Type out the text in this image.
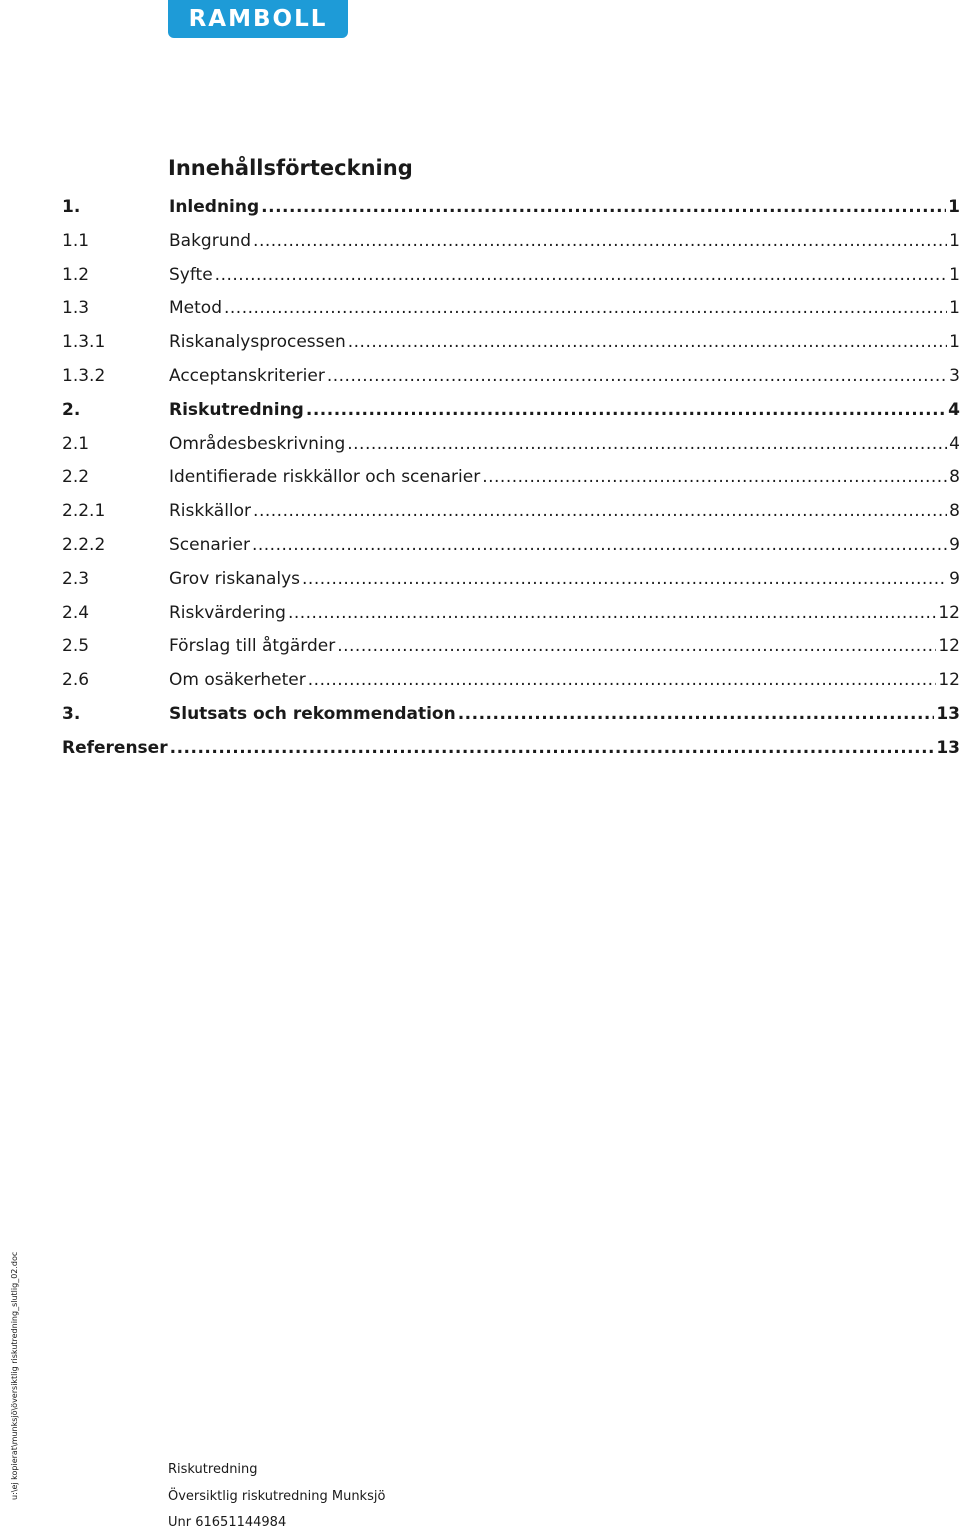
RAMBOLL
Innehållsförteckning
1.	Inledning .....	1
1.1	Bakgrund .....	1
1.2	Syfte .....	1
1.3	Metod .....	1
1.3.1	Riskanalysprocessen .....	1
1.3.2	Acceptanskriterier .....	3
2.	Riskutredning .....	4
2.1	Områdesbeskrivning .....	4
2.2	Identifierade riskkällor och scenarier .....	8
2.2.1	Riskkällor .....	8
2.2.2	Scenarier .....	9
2.3	Grov riskanalys .....	9
2.4	Riskvärdering .....	12
2.5	Förslag till åtgärder .....	12
2.6	Om osäkerheter .....	12
3.	Slutsats och rekommendation .....	13
Referenser .....	13
u:\ej kopierat\munksjö\översiktlig riskutredning_slutlig_02.doc	Riskutredning
Översiktlig riskutredning Munksjö
Unr 61651144984
